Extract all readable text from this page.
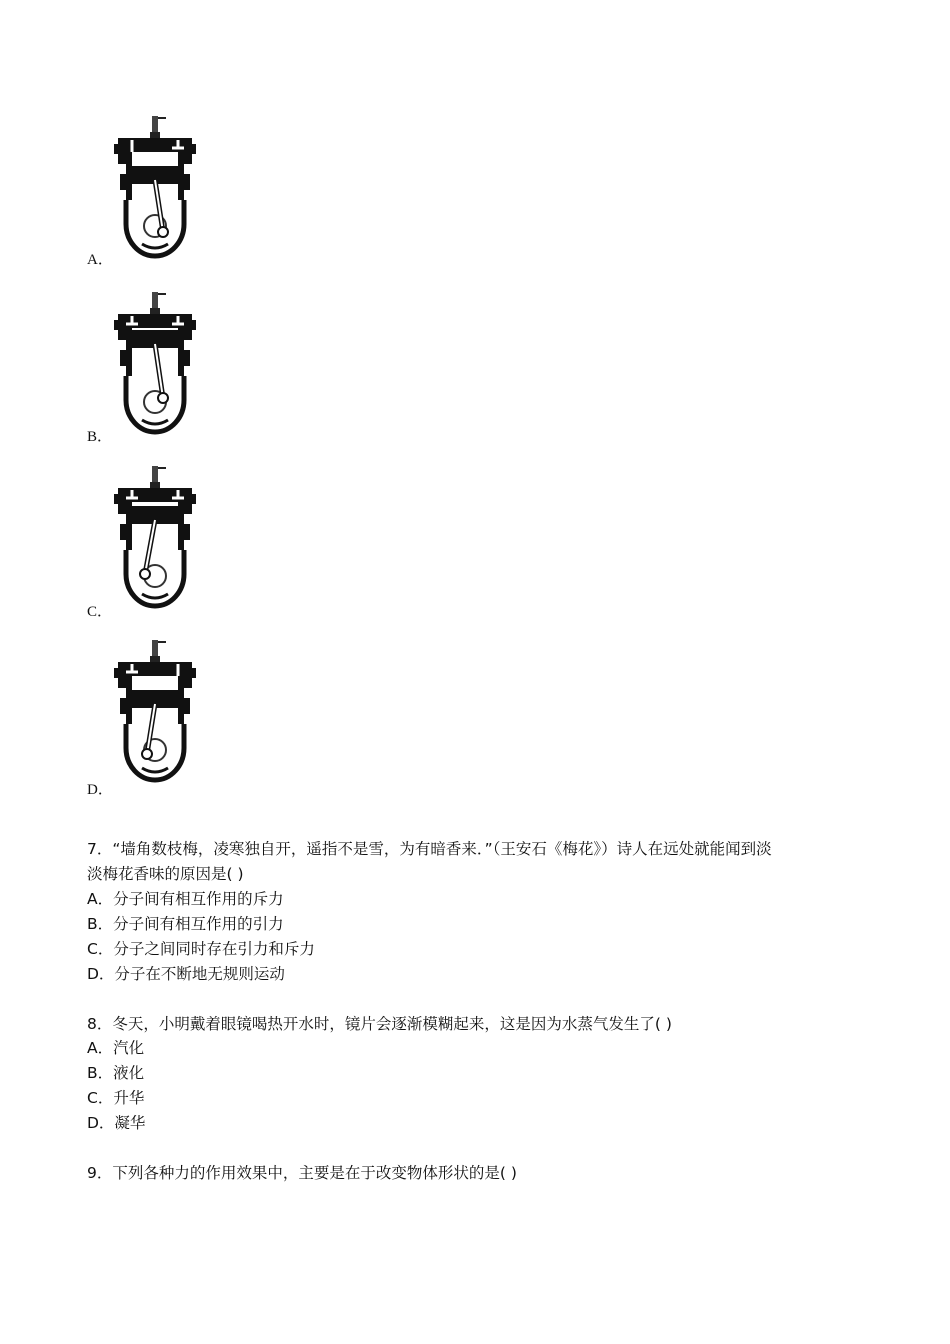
A．
B．
C．
D．
7．“墙角数枝梅，凌寒独自开，遥指不是雪，为有暗香来．”（王安石《梅花》）诗人在远处就能闻到淡
淡梅花香味的原因是( )
A．分子间有相互作用的斥力
B．分子间有相互作用的引力
C．分子之间同时存在引力和斥力
D．分子在不断地无规则运动
8．冬天，小明戴着眼镜喝热开水时，镜片会逐渐模糊起来，这是因为水蒸气发生了( )
A．汽化
B．液化
C．升华
D．凝华
9．下列各种力的作用效果中，主要是在于改变物体形状的是( )
